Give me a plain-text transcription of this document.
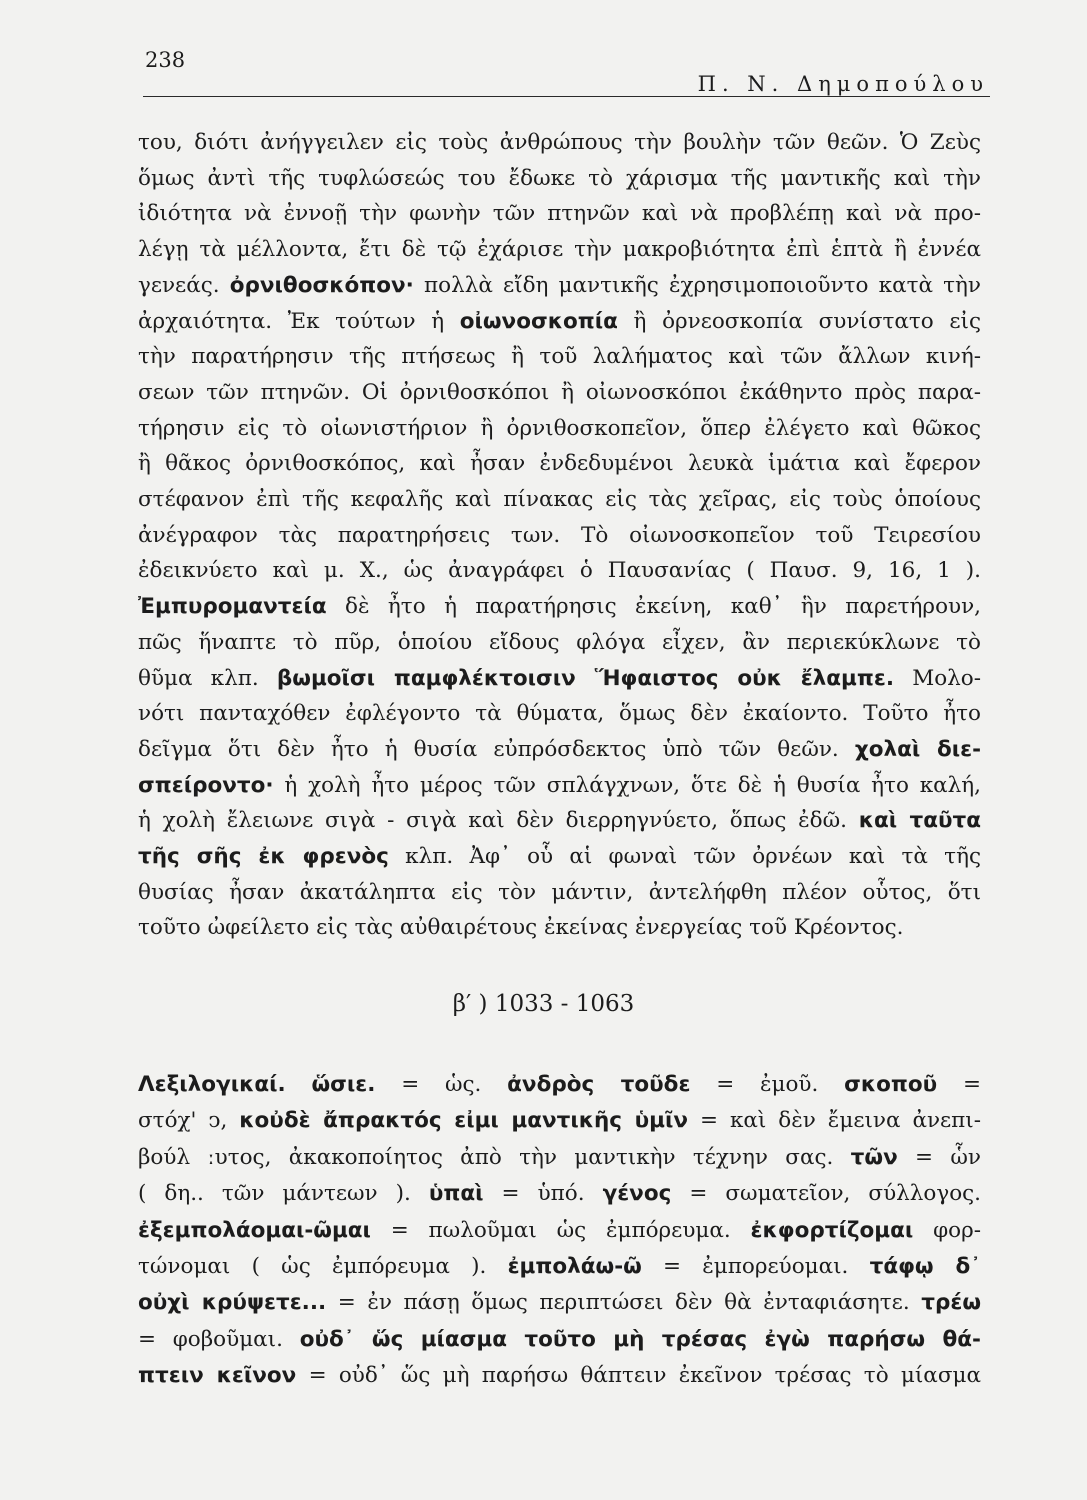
238
Π. Ν. Δημοπούλου
του, διότι ἀνήγγειλεν εἰς τοὺς ἀνθρώπους τὴν βουλὴν τῶν θεῶν. Ὁ Ζεὺς
ὅμως ἀντὶ τῆς τυφλώσεώς του ἔδωκε τὸ χάρισμα τῆς μαντικῆς καὶ τὴν
ἰδιότητα νὰ ἐννοῇ τὴν φωνὴν τῶν πτηνῶν καὶ νὰ προβλέπῃ καὶ νὰ προ-
λέγῃ τὰ μέλλοντα, ἔτι δὲ τῷ ἐχάρισε τὴν μακροβιότητα ἐπὶ ἑπτὰ ἢ ἐννέα
γενεάς. ὀρνιθοσκόπον· πολλὰ εἴδη μαντικῆς ἐχρησιμοποιοῦντο κατὰ τὴν
ἀρχαιότητα. Ἐκ τούτων ἡ οἰωνοσκοπία ἢ ὀρνεοσκοπία συνίστατο εἰς
τὴν παρατήρησιν τῆς πτήσεως ἢ τοῦ λαλήματος καὶ τῶν ἄλλων κινή-
σεων τῶν πτηνῶν. Οἱ ὀρνιθοσκόποι ἢ οἰωνοσκόποι ἐκάθηντο πρὸς παρα-
τήρησιν εἰς τὸ οἰωνιστήριον ἢ ὀρνιθοσκοπεῖον, ὅπερ ἐλέγετο καὶ θῶκος
ἢ θᾶκος ὀρνιθοσκόπος, καὶ ἦσαν ἐνδεδυμένοι λευκὰ ἱμάτια καὶ ἔφερον
στέφανον ἐπὶ τῆς κεφαλῆς καὶ πίνακας εἰς τὰς χεῖρας, εἰς τοὺς ὁποίους
ἀνέγραφον τὰς παρατηρήσεις των. Τὸ οἰωνοσκοπεῖον τοῦ Τειρεσίου
ἐδεικνύετο καὶ μ. Χ., ὡς ἀναγράφει ὁ Παυσανίας ( Παυσ. 9, 16, 1 ).
Ἐμπυρομαντεία δὲ ἦτο ἡ παρατήρησις ἐκείνη, καθ᾽ ἣν παρετήρουν,
πῶς ἥναπτε τὸ πῦρ, ὁποίου εἴδους φλόγα εἶχεν, ἂν περιεκύκλωνε τὸ
θῦμα κλπ. βωμοῖσι παμφλέκτοισιν Ἥφαιστος οὐκ ἔλαμπε. Μολο-
νότι πανταχόθεν ἐφλέγοντο τὰ θύματα, ὅμως δὲν ἐκαίοντο. Τοῦτο ἦτο
δεῖγμα ὅτι δὲν ἦτο ἡ θυσία εὐπρόσδεκτος ὑπὸ τῶν θεῶν. χολαὶ διε-
σπείροντο· ἡ χολὴ ἦτο μέρος τῶν σπλάγχνων, ὅτε δὲ ἡ θυσία ἦτο καλή,
ἡ χολὴ ἔλειωνε σιγὰ - σιγὰ καὶ δὲν διερρηγνύετο, ὅπως ἐδῶ. καὶ ταῦτα
τῆς σῆς ἐκ φρενὸς κλπ. Ἀφ᾽ οὗ αἱ φωναὶ τῶν ὀρνέων καὶ τὰ τῆς
θυσίας ἦσαν ἀκατάληπτα εἰς τὸν μάντιν, ἀντελήφθη πλέον οὗτος, ὅτι
τοῦτο ὠφείλετο εἰς τὰς αὐθαιρέτους ἐκείνας ἐνεργείας τοῦ Κρέοντος.
β′ ) 1033 - 1063
Λεξιλογικαί. ὥσιε. = ὡς. ἀνδρὸς τοῦδε = ἐμοῦ. σκοποῦ =
στόχ' ͻ, κοὐδὲ ἄπρακτός εἰμι μαντικῆς ὑμῖν = καὶ δὲν ἔμεινα ἀνεπι-
βούλ ːυτος, ἀκακοποίητος ἀπὸ τὴν μαντικὴν τέχνην σας. τῶν = ὧν
( δη.. τῶν μάντεων ). ὑπαὶ = ὑπό. γένος = σωματεῖον, σύλλογος.
ἐξεμπολάομαι-ῶμαι = πωλοῦμαι ὡς ἐμπόρευμα. ἐκφορτίζομαι φορ-
τώνομαι ( ὡς ἐμπόρευμα ). ἐμπολάω-ῶ = ἐμπορεύομαι. τάφῳ δ᾽
οὐχὶ κρύψετε... = ἐν πάσῃ ὅμως περιπτώσει δὲν θὰ ἐνταφιάσητε. τρέω
= φοβοῦμαι. οὐδ᾽ ὥς μίασμα τοῦτο μὴ τρέσας ἐγὼ παρήσω θά-
πτειν κεῖνον = οὐδ᾽ ὥς μὴ παρήσω θάπτειν ἐκεῖνον τρέσας τὸ μίασμα
